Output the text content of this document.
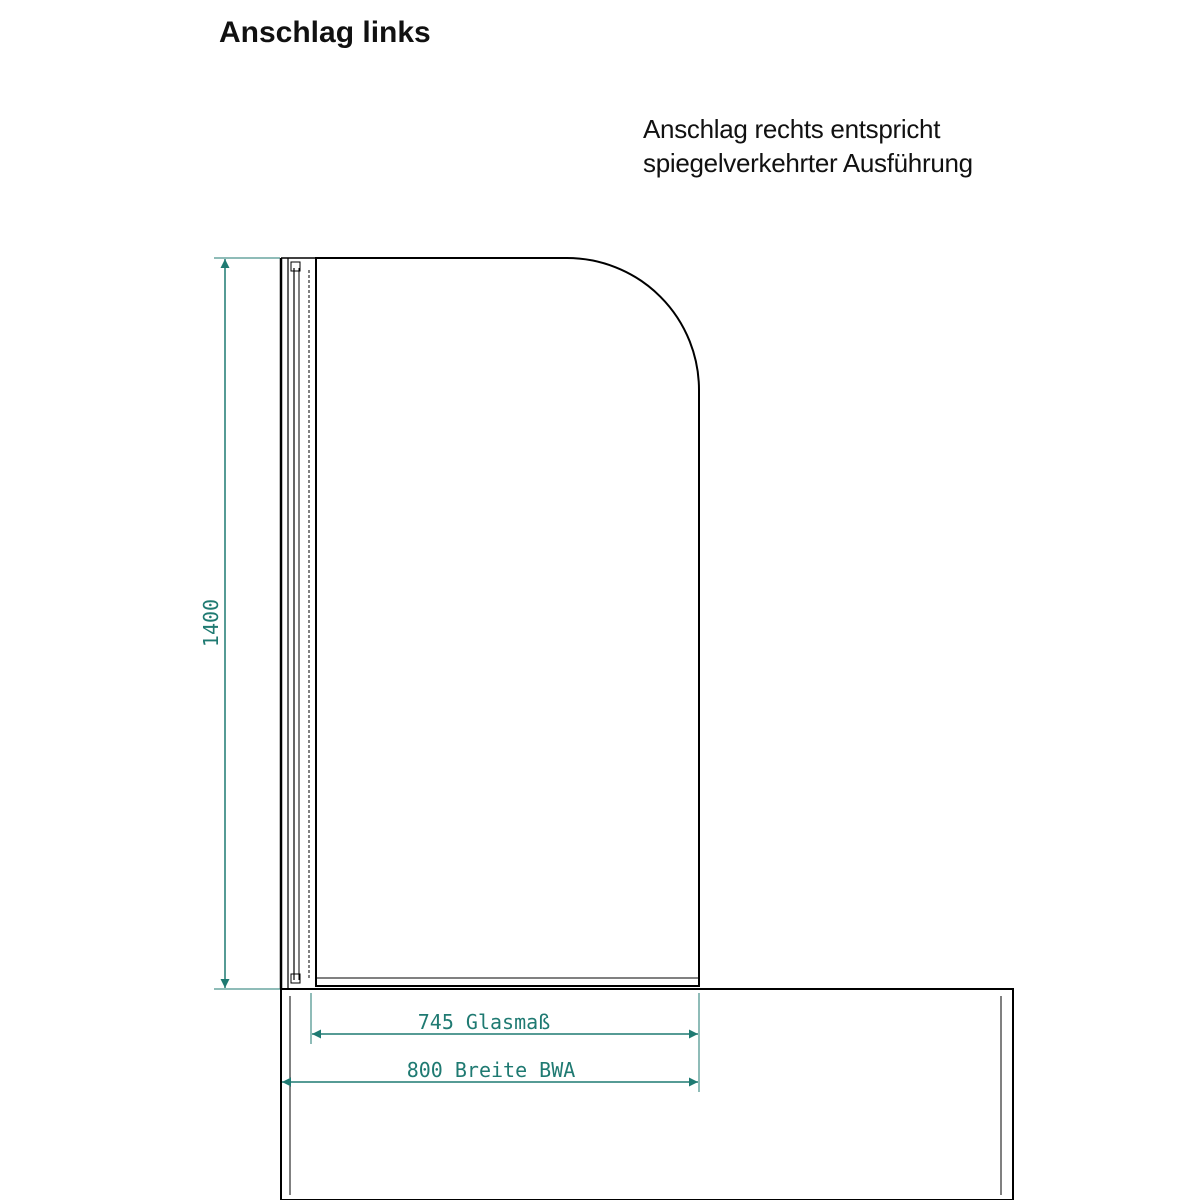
Anschlag links

Anschlag rechts entspricht
spiegelverkehrter Ausführung

1400
745 Glasmaß
800 Breite BWA
